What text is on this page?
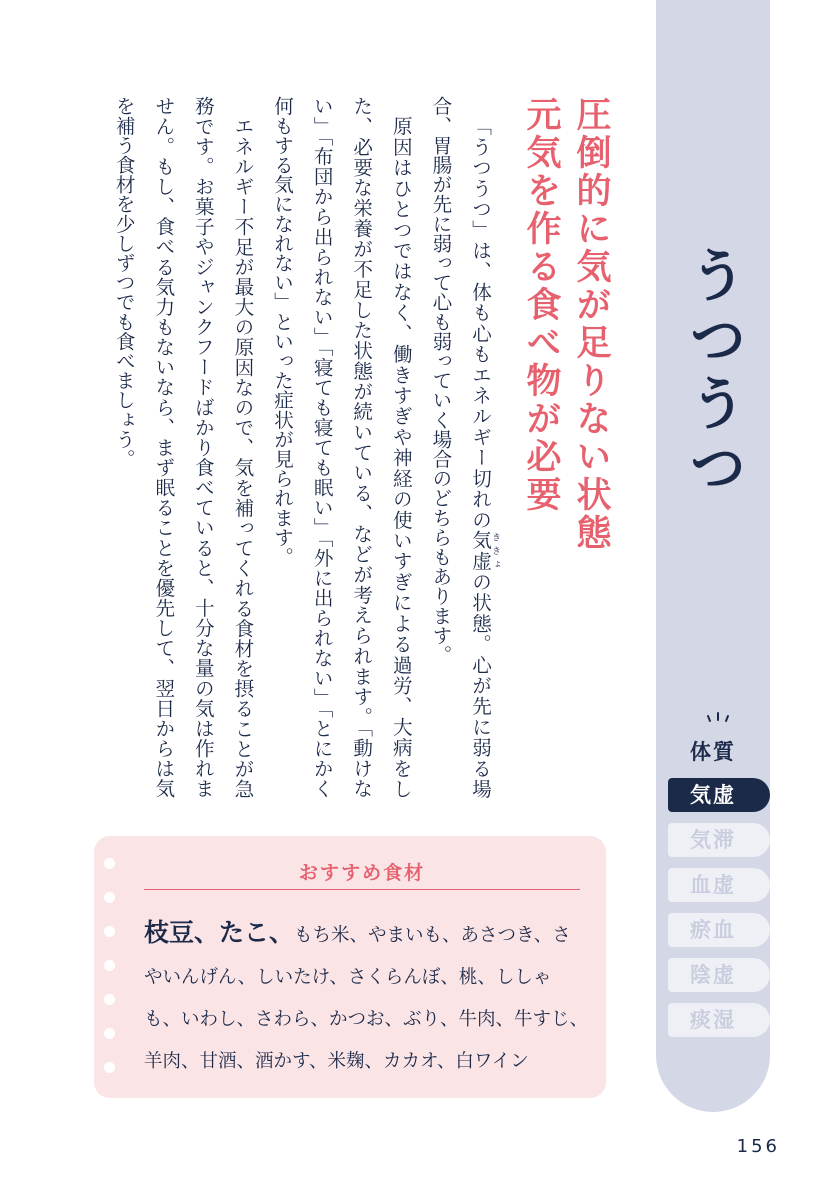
うつうつ
体質
気虚
気滞
血虚
瘀血
陰虚
痰湿
圧倒的に気が足りない状態
元気を作る食べ物が必要

「うつうつ」は、体も心もエネルギー切れの気虚ききょの状態。心が先に弱る場合、胃腸が先に弱って心も弱っていく場合のどちらもあります。

原因はひとつではなく、働きすぎや神経の使いすぎによる過労、大病をした、必要な栄養が不足した状態が続いている、などが考えられます。「動けない」「布団から出られない」「寝ても寝ても眠い」「外に出られない」「とにかく何もする気になれない」といった症状が見られます。

エネルギー不足が最大の原因なので、気を補ってくれる食材を摂ることが急務です。お菓子やジャンクフードばかり食べていると、十分な量の気は作れません。もし、食べる気力もないなら、まず眠ることを優先して、翌日からは気を補う食材を少しずつでも食べましょう。

おすすめ食材
枝豆、たこ、もち米、やまいも、あさつき、さやいんげん、しいたけ、さくらんぼ、桃、ししゃも、いわし、さわら、かつお、ぶり、牛肉、牛すじ、羊肉、甘酒、酒かす、米麹、カカオ、白ワイン
156
